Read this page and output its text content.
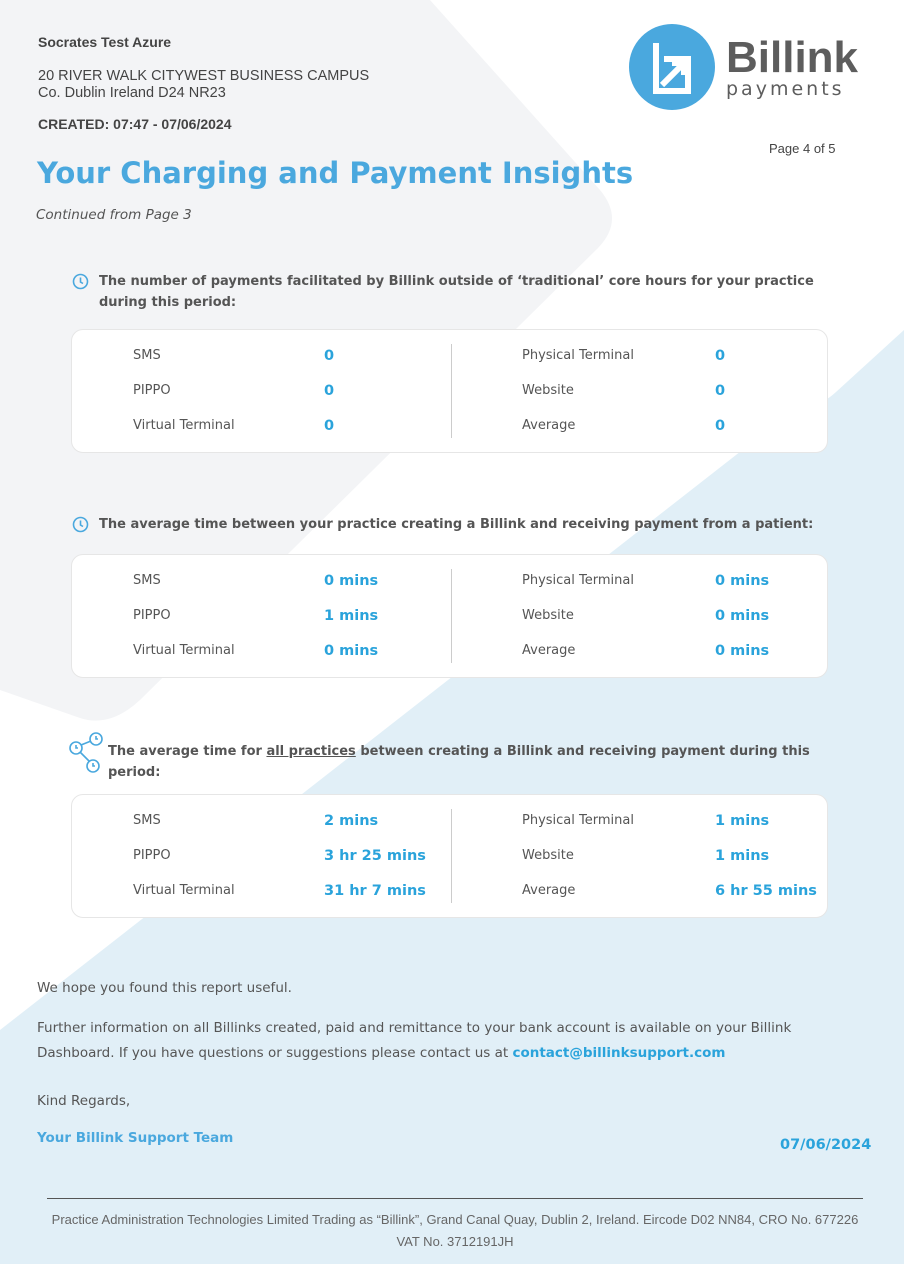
Socrates Test Azure
20 RIVER WALK CITYWEST BUSINESS CAMPUS
Co. Dublin Ireland D24 NR23
CREATED: 07:47 - 07/06/2024
Billink
payments
Page 4 of 5
Your Charging and Payment Insights
Continued from Page 3
The number of payments facilitated by Billink outside of ‘traditional’ core hours for your practice during this period:
The average time between your practice creating a Billink and receiving payment from a patient:
The average time for all practices between creating a Billink and receiving payment during this period:
SMS	0
PIPPO	0
Virtual Terminal	0
Physical Terminal	0
Website	0
Average	0
SMS	0 mins
PIPPO	1 mins
Virtual Terminal	0 mins
Physical Terminal	0 mins
Website	0 mins
Average	0 mins
SMS	2 mins
PIPPO	3 hr 25 mins
Virtual Terminal	31 hr 7 mins
Physical Terminal	1 mins
Website	1 mins
Average	6 hr 55 mins
We hope you found this report useful.
Further information on all Billinks created, paid and remittance to your bank account is available on your Billink Dashboard. If you have questions or suggestions please contact us at contact@billinksupport.com
Kind Regards,
Your Billink Support Team	07/06/2024
Practice Administration Technologies Limited Trading as “Billink”, Grand Canal Quay, Dublin 2, Ireland. Eircode D02 NN84, CRO No. 677226 VAT No. 3712191JH
